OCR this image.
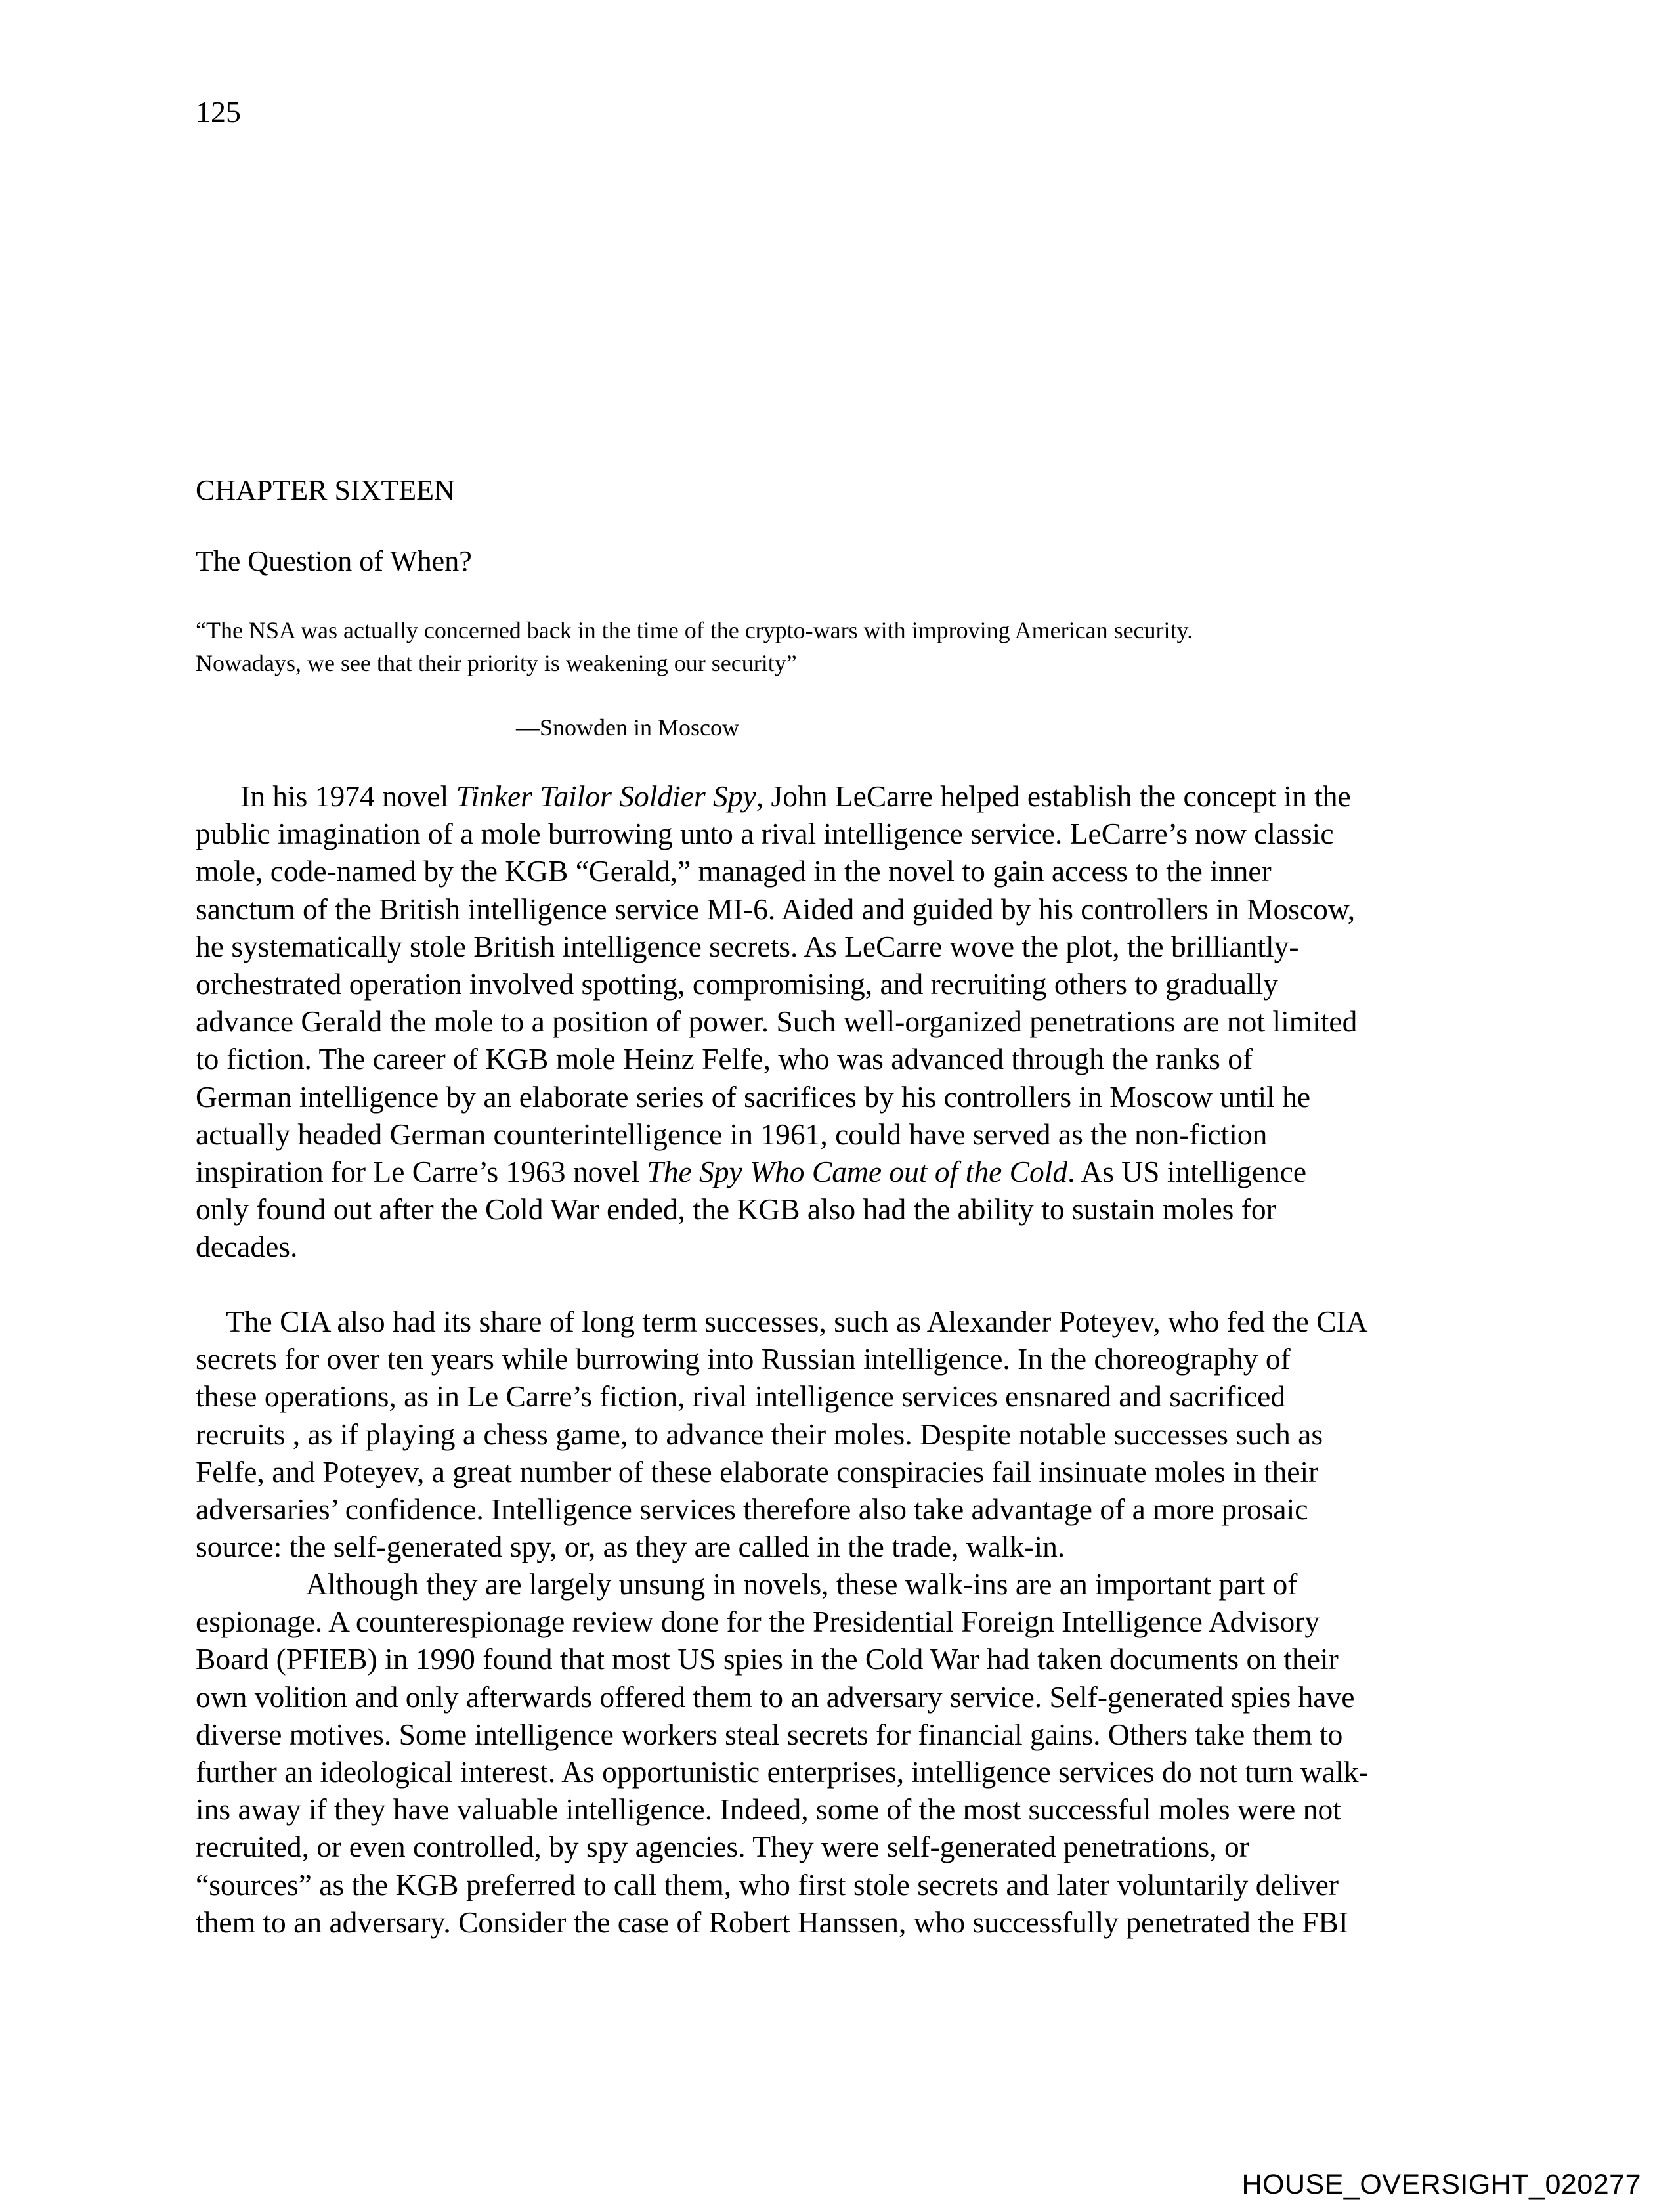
125
CHAPTER SIXTEEN
The Question of When?
“The NSA was actually concerned back in the time of the crypto-wars with improving American security.
Nowadays, we see that their priority is weakening our security”
—Snowden in Moscow
In his 1974 novel Tinker Tailor Soldier Spy, John LeCarre helped establish the concept in the
public imagination of a mole burrowing unto a rival intelligence service. LeCarre’s now classic
mole, code-named by the KGB “Gerald,” managed in the novel to gain access to the inner
sanctum of the British intelligence service MI-6. Aided and guided by his controllers in Moscow,
he systematically stole British intelligence secrets. As LeCarre wove the plot, the brilliantly-
orchestrated operation involved spotting, compromising, and recruiting others to gradually
advance Gerald the mole to a position of power. Such well-organized penetrations are not limited
to fiction. The career of KGB mole Heinz Felfe, who was advanced through the ranks of
German intelligence by an elaborate series of sacrifices by his controllers in Moscow until he
actually headed German counterintelligence in 1961, could have served as the non-fiction
inspiration for Le Carre’s 1963 novel The Spy Who Came out of the Cold. As US intelligence
only found out after the Cold War ended, the KGB also had the ability to sustain moles for
decades.
The CIA also had its share of long term successes, such as Alexander Poteyev, who fed the CIA
secrets for over ten years while burrowing into Russian intelligence. In the choreography of
these operations, as in Le Carre’s fiction, rival intelligence services ensnared and sacrificed
recruits , as if playing a chess game, to advance their moles. Despite notable successes such as
Felfe, and Poteyev, a great number of these elaborate conspiracies fail insinuate moles in their
adversaries’ confidence. Intelligence services therefore also take advantage of a more prosaic
source: the self-generated spy, or, as they are called in the trade, walk-in.
Although they are largely unsung in novels, these walk-ins are an important part of
espionage. A counterespionage review done for the Presidential Foreign Intelligence Advisory
Board (PFIEB) in 1990 found that most US spies in the Cold War had taken documents on their
own volition and only afterwards offered them to an adversary service. Self-generated spies have
diverse motives. Some intelligence workers steal secrets for financial gains. Others take them to
further an ideological interest. As opportunistic enterprises, intelligence services do not turn walk-
ins away if they have valuable intelligence. Indeed, some of the most successful moles were not
recruited, or even controlled, by spy agencies. They were self-generated penetrations, or
“sources” as the KGB preferred to call them, who first stole secrets and later voluntarily deliver
them to an adversary. Consider the case of Robert Hanssen, who successfully penetrated the FBI
HOUSE_OVERSIGHT_020277
